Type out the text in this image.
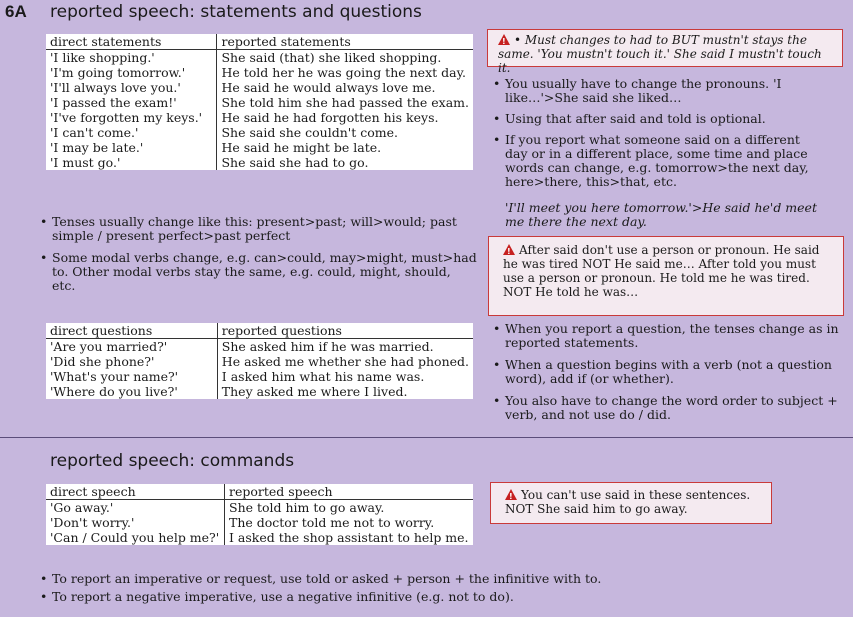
6A reported speech: statements and questions
direct statements	reported statements
'I like shopping.'	She said (that) she liked shopping.
'I'm going tomorrow.'	He told her he was going the next day.
'I'll always love you.'	He said he would always love me.
'I passed the exam!'	She told him she had passed the exam.
'I've forgotten my keys.'	He said he had forgotten his keys.
'I can't come.'	She said she couldn't come.
'I may be late.'	He said he might be late.
'I must go.'	She said she had to go.
• Tenses usually change like this: present>past; will>would; past simple / present perfect>past perfect
• Some modal verbs change, e.g. can>could, may>might, must>had to. Other modal verbs stay the same, e.g. could, might, should, etc.
direct questions	reported questions
'Are you married?'	She asked him if he was married.
'Did she phone?'	He asked me whether she had phoned.
'What's your name?'	I asked him what his name was.
'Where do you live?'	They asked me where I lived.
!• Must changes to had to BUT mustn't stays the same. 'You mustn't touch it.' She said I mustn't touch it.
• You usually have to change the pronouns. 'I like…'>She said she liked…
• Using that after said and told is optional.
• If you report what someone said on a different day or in a different place, some time and place words can change, e.g. tomorrow>the next day, here>there, this>that, etc.
'I'll meet you here tomorrow.'>He said he'd meet me there the next day.
!After said don't use a person or pronoun. He said he was tired NOT He said me… After told you must use a person or pronoun. He told me he was tired. NOT He told he was…
• When you report a question, the tenses change as in reported statements.
• When a question begins with a verb (not a question word), add if (or whether).
• You also have to change the word order to subject + verb, and not use do / did.
reported speech: commands
direct speech	reported speech
'Go away.'	She told him to go away.
'Don't worry.'	The doctor told me not to worry.
'Can / Could you help me?'	I asked the shop assistant to help me.
!You can't use said in these sentences. NOT She said him to go away.
• To report an imperative or request, use told or asked + person + the infinitive with to.
• To report a negative imperative, use a negative infinitive (e.g. not to do).
